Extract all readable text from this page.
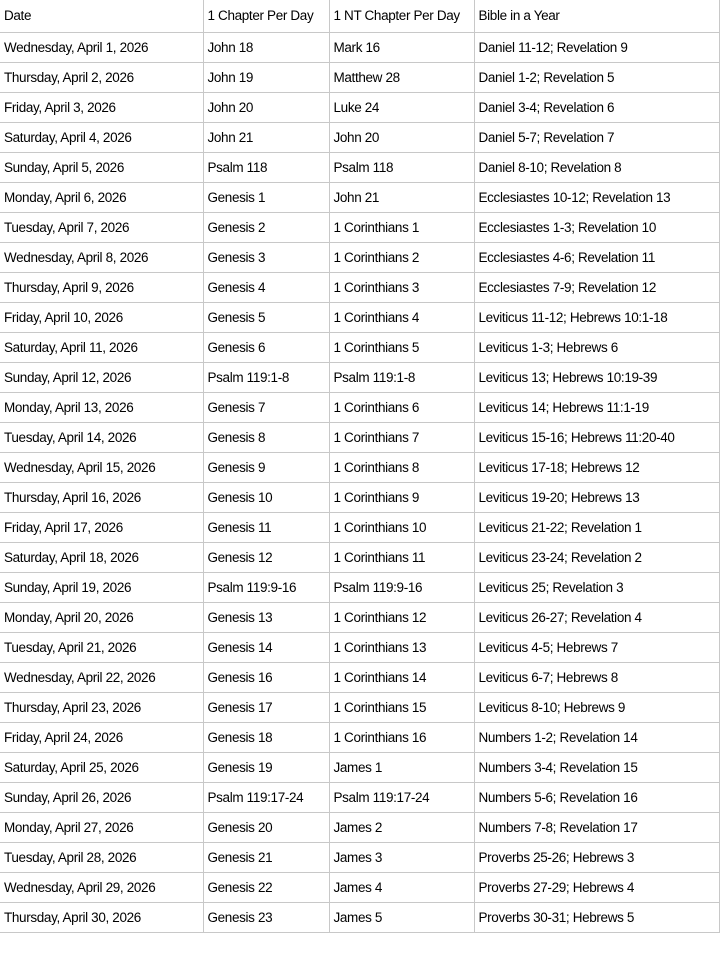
Date	1 Chapter Per Day	1 NT Chapter Per Day	Bible in a Year
Wednesday, April 1, 2026	John 18	Mark 16	Daniel 11-12; Revelation 9
Thursday, April 2, 2026	John 19	Matthew 28	Daniel 1-2; Revelation 5
Friday, April 3, 2026	John 20	Luke 24	Daniel 3-4; Revelation 6
Saturday, April 4, 2026	John 21	John 20	Daniel 5-7; Revelation 7
Sunday, April 5, 2026	Psalm 118	Psalm 118	Daniel 8-10; Revelation 8
Monday, April 6, 2026	Genesis 1	John 21	Ecclesiastes 10-12; Revelation 13
Tuesday, April 7, 2026	Genesis 2	1 Corinthians 1	Ecclesiastes 1-3; Revelation 10
Wednesday, April 8, 2026	Genesis 3	1 Corinthians 2	Ecclesiastes 4-6; Revelation 11
Thursday, April 9, 2026	Genesis 4	1 Corinthians 3	Ecclesiastes 7-9; Revelation 12
Friday, April 10, 2026	Genesis 5	1 Corinthians 4	Leviticus 11-12; Hebrews 10:1-18
Saturday, April 11, 2026	Genesis 6	1 Corinthians 5	Leviticus 1-3; Hebrews 6
Sunday, April 12, 2026	Psalm 119:1-8	Psalm 119:1-8	Leviticus 13; Hebrews 10:19-39
Monday, April 13, 2026	Genesis 7	1 Corinthians 6	Leviticus 14; Hebrews 11:1-19
Tuesday, April 14, 2026	Genesis 8	1 Corinthians 7	Leviticus 15-16; Hebrews 11:20-40
Wednesday, April 15, 2026	Genesis 9	1 Corinthians 8	Leviticus 17-18; Hebrews 12
Thursday, April 16, 2026	Genesis 10	1 Corinthians 9	Leviticus 19-20; Hebrews 13
Friday, April 17, 2026	Genesis 11	1 Corinthians 10	Leviticus 21-22; Revelation 1
Saturday, April 18, 2026	Genesis 12	1 Corinthians 11	Leviticus 23-24; Revelation 2
Sunday, April 19, 2026	Psalm 119:9-16	Psalm 119:9-16	Leviticus 25; Revelation 3
Monday, April 20, 2026	Genesis 13	1 Corinthians 12	Leviticus 26-27; Revelation 4
Tuesday, April 21, 2026	Genesis 14	1 Corinthians 13	Leviticus 4-5; Hebrews 7
Wednesday, April 22, 2026	Genesis 16	1 Corinthians 14	Leviticus 6-7; Hebrews 8
Thursday, April 23, 2026	Genesis 17	1 Corinthians 15	Leviticus 8-10; Hebrews 9
Friday, April 24, 2026	Genesis 18	1 Corinthians 16	Numbers 1-2; Revelation 14
Saturday, April 25, 2026	Genesis 19	James 1	Numbers 3-4; Revelation 15
Sunday, April 26, 2026	Psalm 119:17-24	Psalm 119:17-24	Numbers 5-6; Revelation 16
Monday, April 27, 2026	Genesis 20	James 2	Numbers 7-8; Revelation 17
Tuesday, April 28, 2026	Genesis 21	James 3	Proverbs 25-26; Hebrews 3
Wednesday, April 29, 2026	Genesis 22	James 4	Proverbs 27-29; Hebrews 4
Thursday, April 30, 2026	Genesis 23	James 5	Proverbs 30-31; Hebrews 5
